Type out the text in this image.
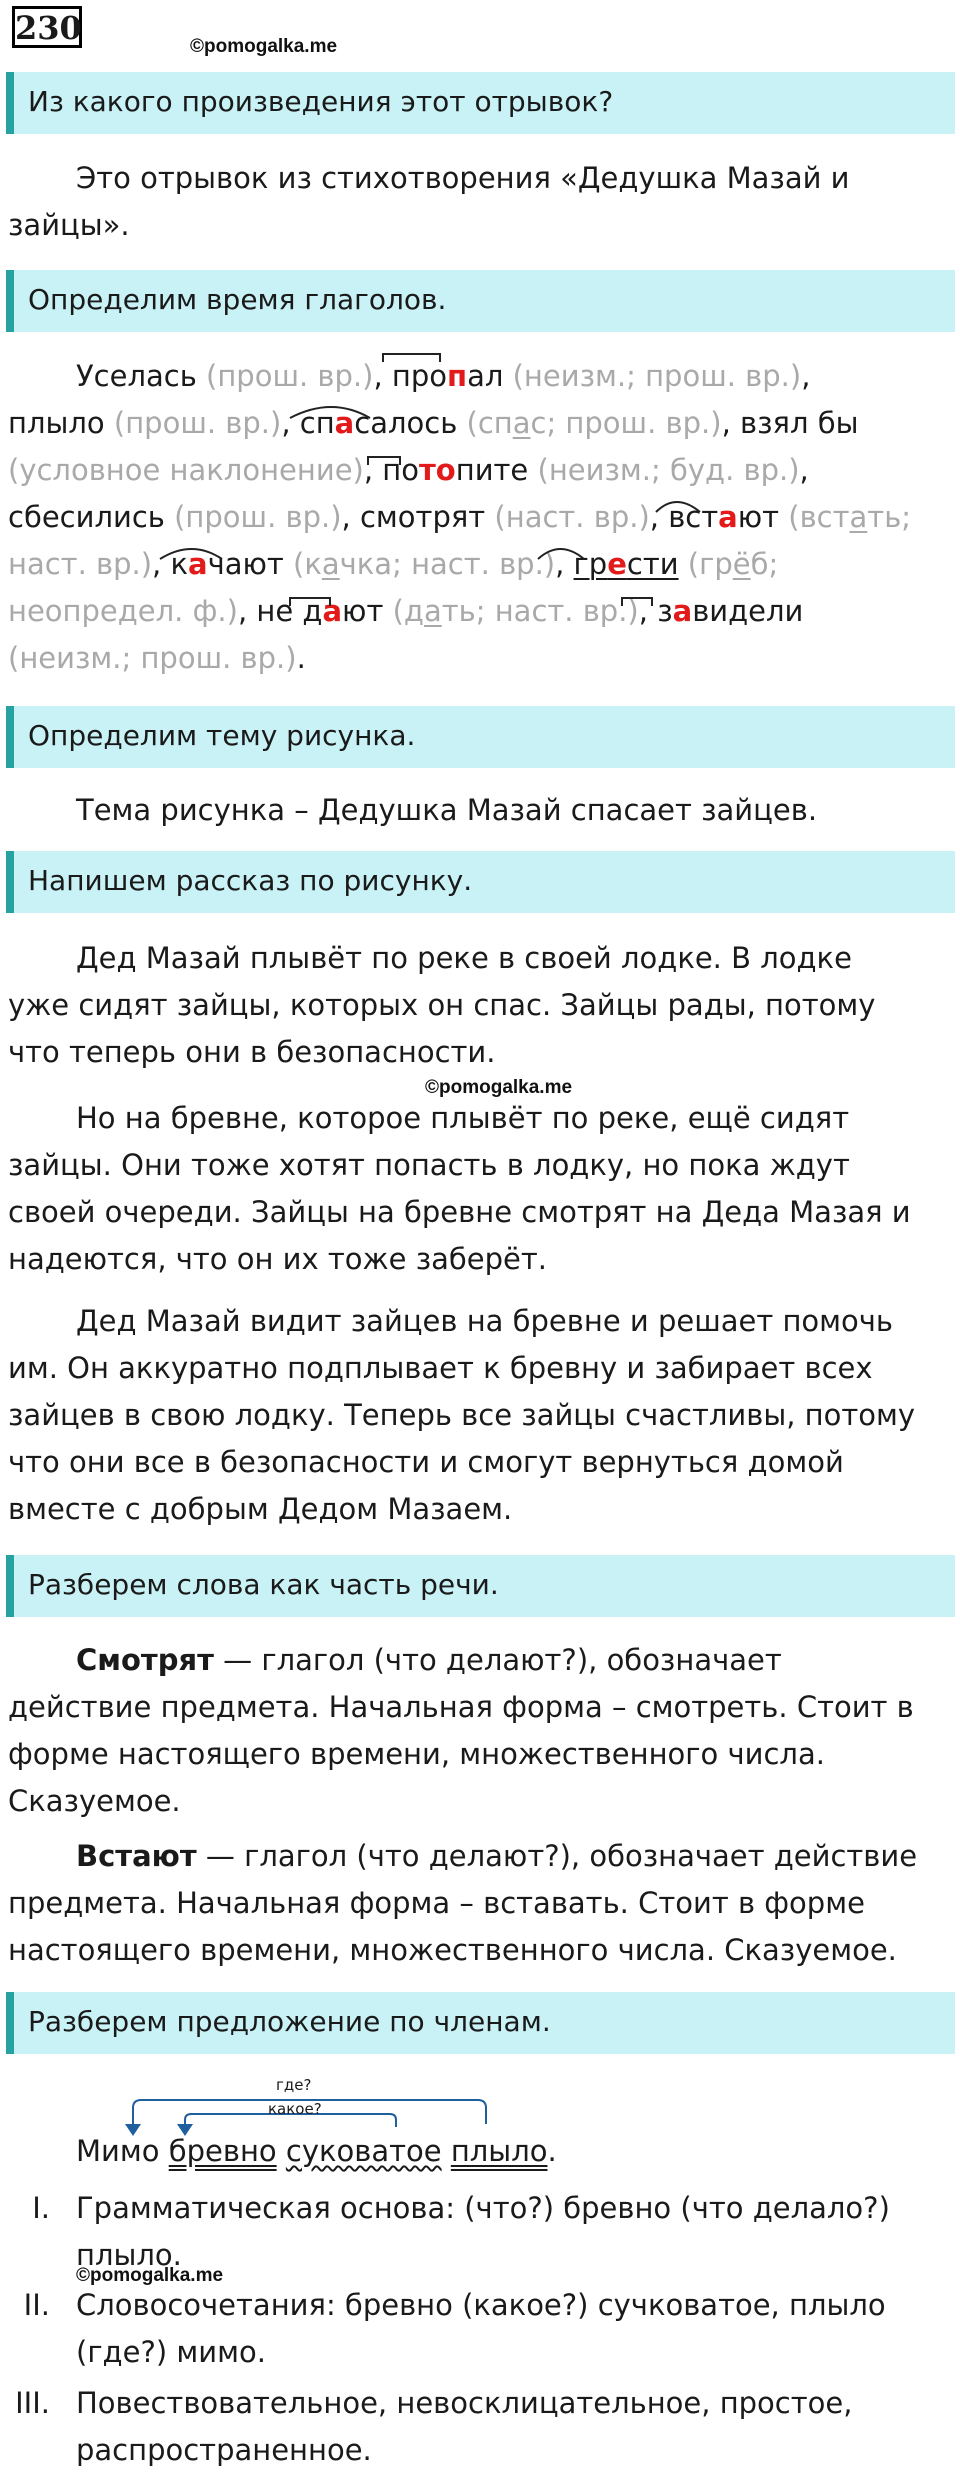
230	©pomogalka.me
Из какого произведения этот отрывок?
Это отрывок из стихотворения «Дедушка Мазай и
зайцы».
Определим время глаголов.
Уселась (прош. вр.), пропал (неизм.; прош. вр.),
плыло (прош. вр.), спасалось (спас; прош. вр.), взял бы
(условное наклонение), потопите (неизм.; буд. вр.),
сбесились (прош. вр.), смотрят (наст. вр.), встают (встать;
наст. вр.), качают (качка; наст. вр.), грести (грёб;
неопредел. ф.), не дают (дать; наст. вр.), завидели
(неизм.; прош. вр.).
Определим тему рисунка.
Тема рисунка – Дедушка Мазай спасает зайцев.
Напишем рассказ по рисунку.
Дед Мазай плывёт по реке в своей лодке. В лодке
уже сидят зайцы, которых он спас. Зайцы рады, потому
что теперь они в безопасности.
©pomogalka.me
Но на бревне, которое плывёт по реке, ещё сидят
зайцы. Они тоже хотят попасть в лодку, но пока ждут
своей очереди. Зайцы на бревне смотрят на Деда Мазая и
надеются, что он их тоже заберёт.
Дед Мазай видит зайцев на бревне и решает помочь
им. Он аккуратно подплывает к бревну и забирает всех
зайцев в свою лодку. Теперь все зайцы счастливы, потому
что они все в безопасности и смогут вернуться домой
вместе с добрым Дедом Мазаем.
Разберем слова как часть речи.
Смотрят — глагол (что делают?), обозначает
действие предмета. Начальная форма – смотреть. Стоит в
форме настоящего времени, множественного числа.
Сказуемое.
Встают — глагол (что делают?), обозначает действие
предмета. Начальная форма – вставать. Стоит в форме
настоящего времени, множественного числа. Сказуемое.
Разберем предложение по членам.
где?
какое?
Мимо бревно суковатое плыло.
I. Грамматическая основа: (что?) бревно (что делало?)
плыло.
©pomogalka.me
II. Словосочетания: бревно (какое?) сучковатое, плыло
(где?) мимо.
III. Повествовательное, невосклицательное, простое,
распространенное.
